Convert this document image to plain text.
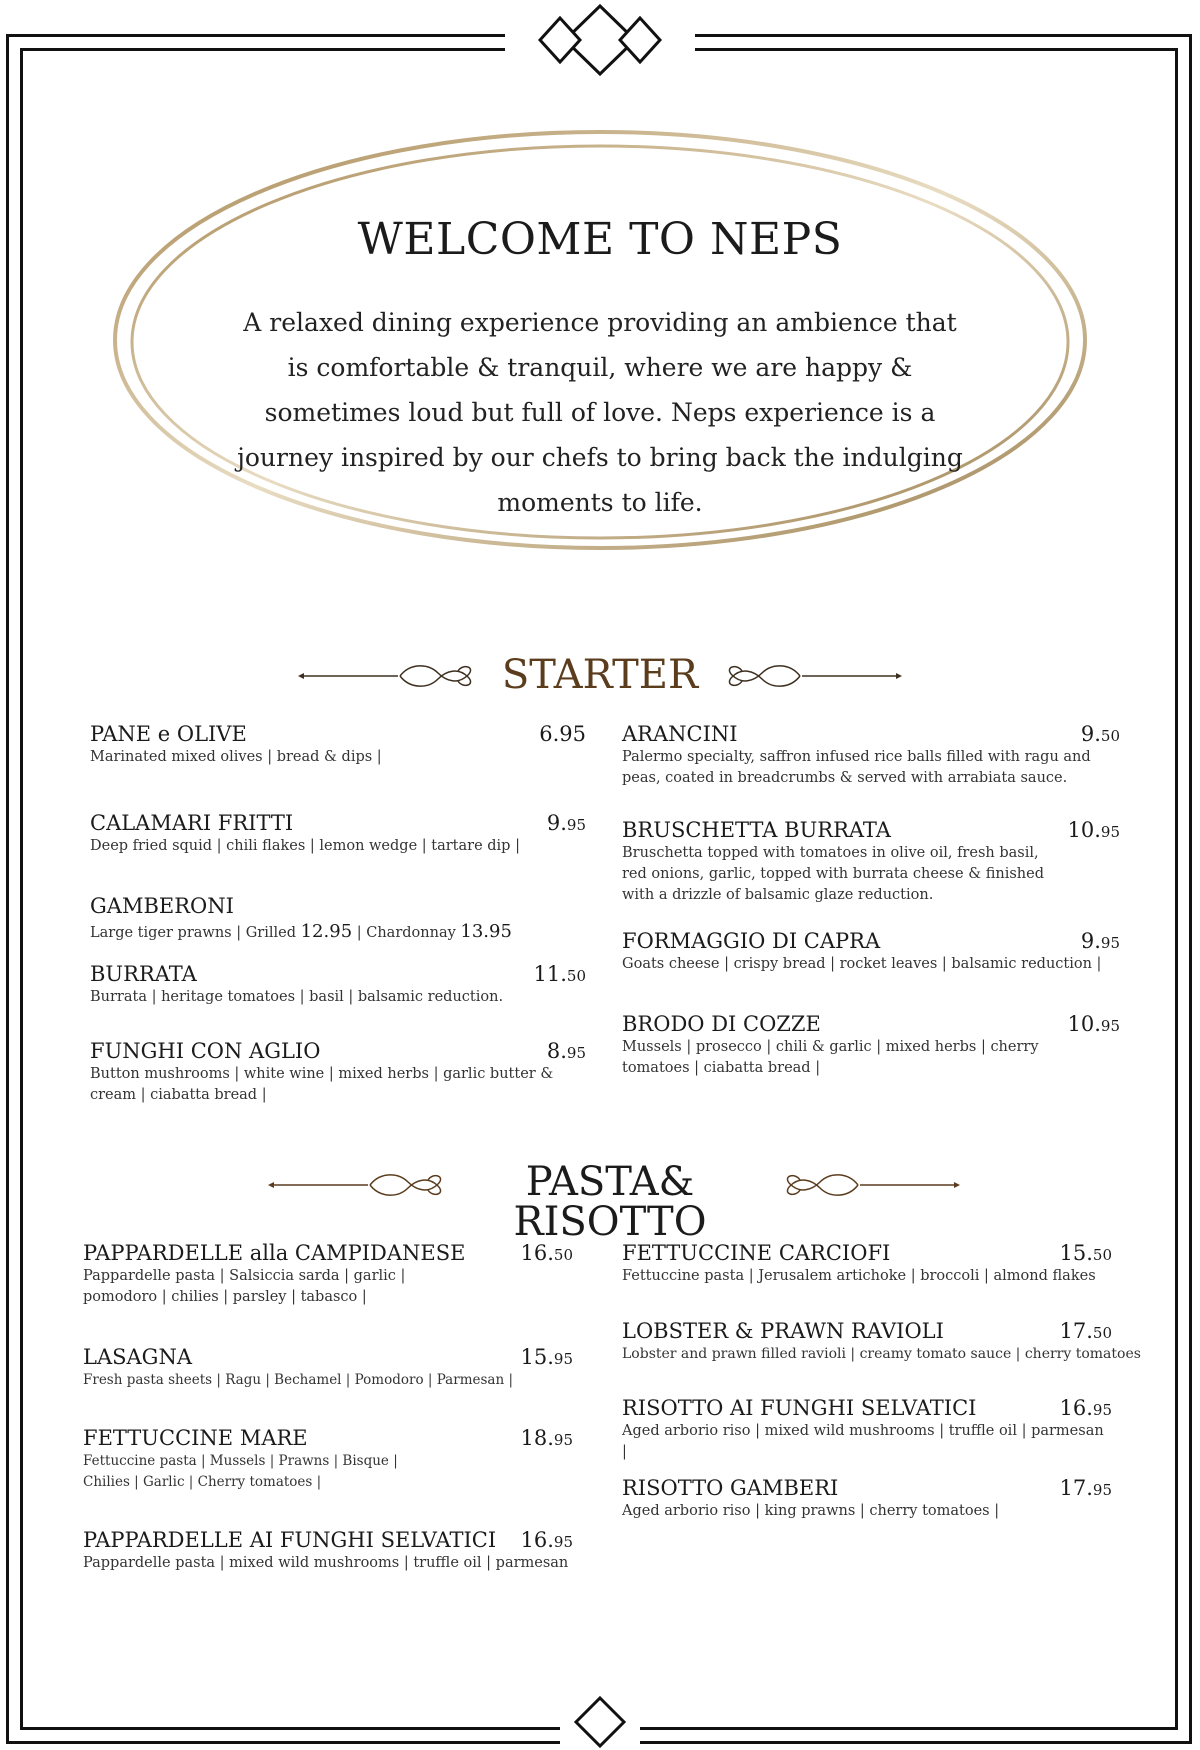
WELCOME TO NEPS
A relaxed dining experience providing an ambience that is comfortable & tranquil, where we are happy & sometimes loud but full of love. Neps experience is a journey inspired by our chefs to bring back the indulging moments to life.
STARTER
PANE e OLIVE	6.95
Marinated mixed olives | bread & dips |
CALAMARI FRITTI	9.95
Deep fried squid | chili flakes | lemon wedge | tartare dip |
GAMBERONI
Large tiger prawns | Grilled 12.95 | Chardonnay 13.95
BURRATA	11.50
Burrata | heritage tomatoes | basil | balsamic reduction.
FUNGHI CON AGLIO	8.95
Button mushrooms | white wine | mixed herbs | garlic butter & cream | ciabatta bread |
ARANCINI	9.50
Palermo specialty, saffron infused rice balls filled with ragu and peas, coated in breadcrumbs & served with arrabiata sauce.
BRUSCHETTA BURRATA	10.95
Bruschetta topped with tomatoes in olive oil, fresh basil, red onions, garlic, topped with burrata cheese & finished with a drizzle of balsamic glaze reduction.
FORMAGGIO DI CAPRA	9.95
Goats cheese | crispy bread | rocket leaves | balsamic reduction |
BRODO DI COZZE	10.95
Mussels | prosecco | chili & garlic | mixed herbs | cherry tomatoes | ciabatta bread |
PASTA& RISOTTO
PAPPARDELLE alla CAMPIDANESE	16.50
Pappardelle pasta | Salsiccia sarda | garlic | pomodoro | chilies | parsley | tabasco |
LASAGNA	15.95
Fresh pasta sheets | Ragu | Bechamel | Pomodoro | Parmesan |
FETTUCCINE MARE	18.95
Fettuccine pasta | Mussels | Prawns | Bisque | Chilies | Garlic | Cherry tomatoes |
PAPPARDELLE AI FUNGHI SELVATICI	16.95
Pappardelle pasta | mixed wild mushrooms | truffle oil | parmesan
FETTUCCINE CARCIOFI	15.50
Fettuccine pasta | Jerusalem artichoke | broccoli | almond flakes
LOBSTER & PRAWN RAVIOLI	17.50
Lobster and prawn filled ravioli | creamy tomato sauce | cherry tomatoes
RISOTTO AI FUNGHI SELVATICI	16.95
Aged arborio riso | mixed wild mushrooms | truffle oil | parmesan |
RISOTTO GAMBERI	17.95
Aged arborio riso | king prawns | cherry tomatoes |
